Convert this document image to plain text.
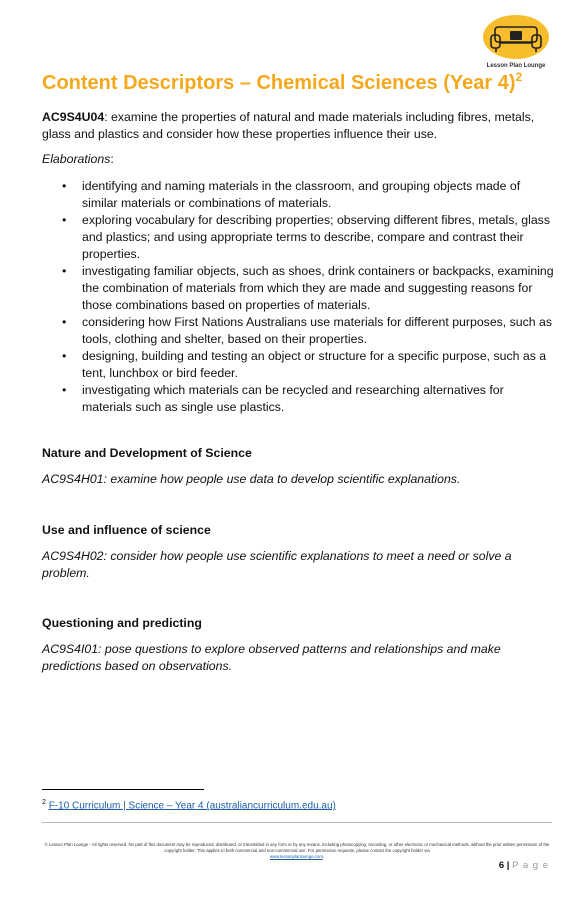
Lesson Plan Lounge
Content Descriptors – Chemical Sciences (Year 4)$^2$
AC9S4U04: examine the properties of natural and made materials including fibres, metals, glass and plastics and consider how these properties influence their use.
Elaborations:
• identifying and naming materials in the classroom, and grouping objects made of similar materials or combinations of materials.
• exploring vocabulary for describing properties; observing different fibres, metals, glass and plastics; and using appropriate terms to describe, compare and contrast their properties.
• investigating familiar objects, such as shoes, drink containers or backpacks, examining the combination of materials from which they are made and suggesting reasons for those combinations based on properties of materials.
• considering how First Nations Australians use materials for different purposes, such as tools, clothing and shelter, based on their properties.
• designing, building and testing an object or structure for a specific purpose, such as a tent, lunchbox or bird feeder.
• investigating which materials can be recycled and researching alternatives for materials such as single use plastics.
Nature and Development of Science
AC9S4H01: examine how people use data to develop scientific explanations.
Use and influence of science
AC9S4H02: consider how people use scientific explanations to meet a need or solve a problem.
Questioning and predicting
AC9S4I01: pose questions to explore observed patterns and relationships and make predictions based on observations.
$^2$ F-10 Curriculum | Science – Year 4 (australiancurriculum.edu.au)
© Lesson Plan Lounge - All rights reserved. No part of this document may be reproduced, distributed, or transmitted in any form or by any means, including photocopying, recording, or other electronic or mechanical methods, without the prior written permission of the copyright holder. This applies to both commercial and non-commercial use. For permission requests, please contact the copyright holder via
www.lessonplanlounge.com.
6 | P a g e
